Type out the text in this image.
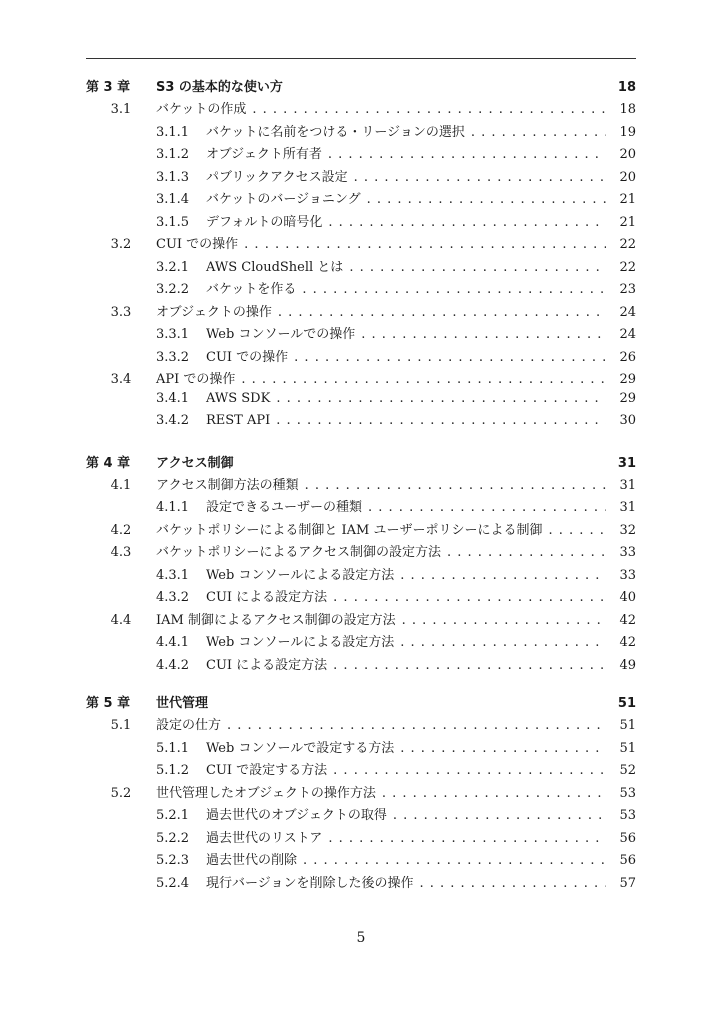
第 3 章	S3 の基本的な使い方	18
3.1	バケットの作成 . . .	18
3.1.1	バケットに名前をつける・リージョンの選択 . . .	19
3.1.2	オブジェクト所有者 . . .	20
3.1.3	パブリックアクセス設定 . . .	20
3.1.4	バケットのバージョニング . . .	21
3.1.5	デフォルトの暗号化 . . .	21
3.2	CUI での操作 . . .	22
3.2.1	AWS CloudShell とは . . .	22
3.2.2	バケットを作る . . .	23
3.3	オブジェクトの操作 . . .	24
3.3.1	Web コンソールでの操作 . . .	24
3.3.2	CUI での操作 . . .	26
3.4	API での操作 . . .	29
3.4.1	AWS SDK . . .	29
3.4.2	REST API . . .	30
第 4 章	アクセス制御	31
4.1	アクセス制御方法の種類 . . .	31
4.1.1	設定できるユーザーの種類 . . .	31
4.2	バケットポリシーによる制御と IAM ユーザーポリシーによる制御 . . .	32
4.3	バケットポリシーによるアクセス制御の設定方法 . . .	33
4.3.1	Web コンソールによる設定方法 . . .	33
4.3.2	CUI による設定方法 . . .	40
4.4	IAM 制御によるアクセス制御の設定方法 . . .	42
4.4.1	Web コンソールによる設定方法 . . .	42
4.4.2	CUI による設定方法 . . .	49
第 5 章	世代管理	51
5.1	設定の仕方 . . .	51
5.1.1	Web コンソールで設定する方法 . . .	51
5.1.2	CUI で設定する方法 . . .	52
5.2	世代管理したオブジェクトの操作方法 . . .	53
5.2.1	過去世代のオブジェクトの取得 . . .	53
5.2.2	過去世代のリストア . . .	56
5.2.3	過去世代の削除 . . .	56
5.2.4	現行バージョンを削除した後の操作 . . .	57
5
